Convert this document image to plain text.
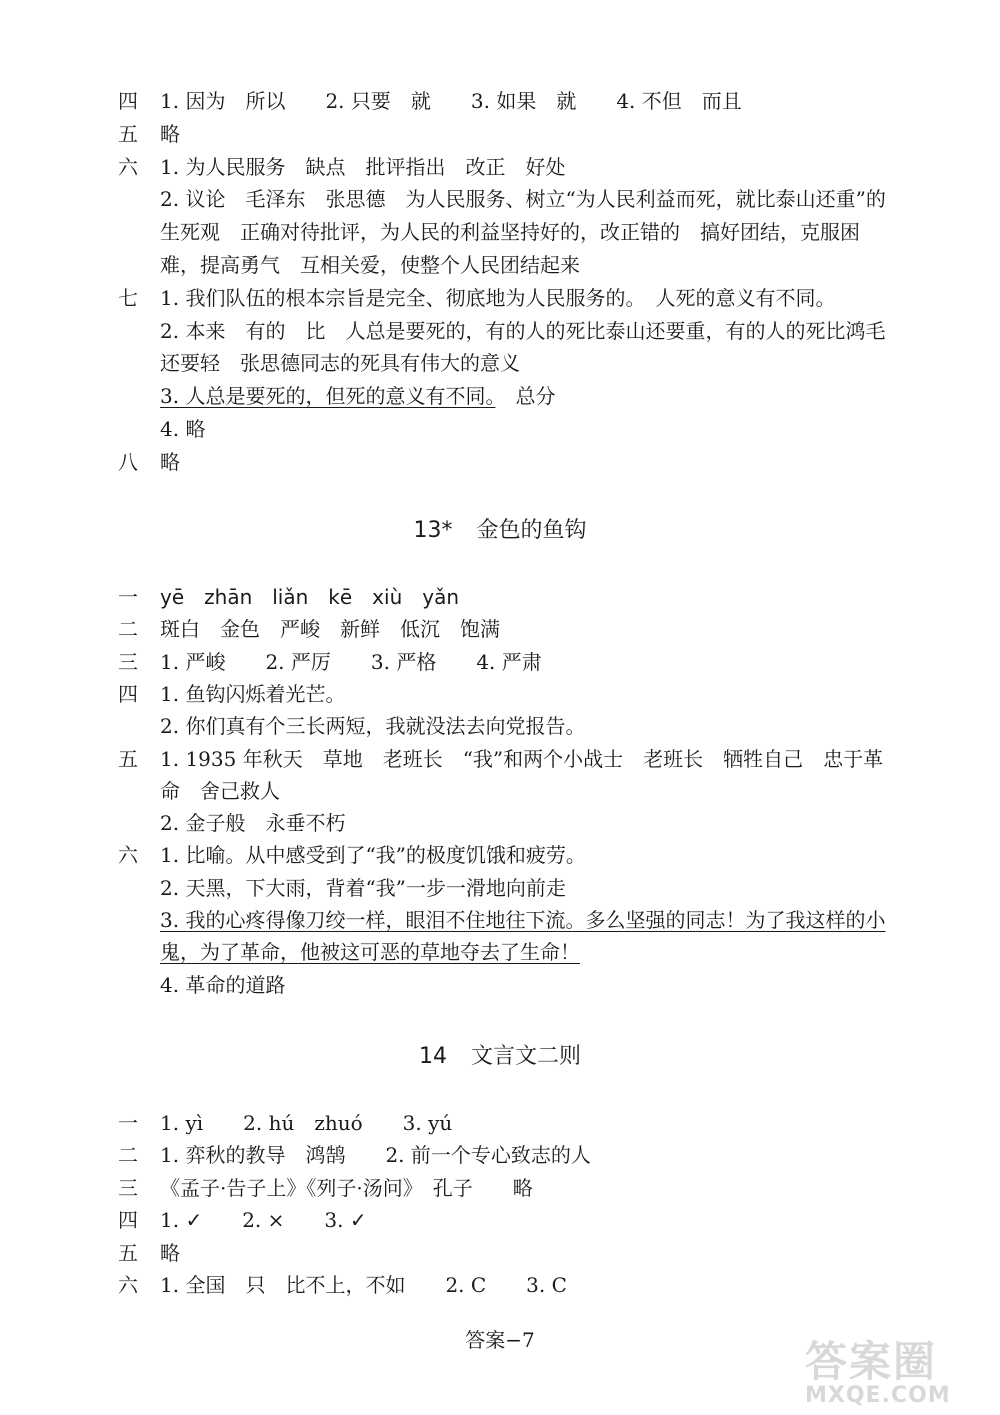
四 1. 因为　所以　　2. 只要　就　　3. 如果　就　　4. 不但　而且
五 略
六 1. 为人民服务　缺点　批评指出　改正　好处
2. 议论　毛泽东　张思德　为人民服务、树立“为人民利益而死，就比泰山还重”的
生死观　正确对待批评，为人民的利益坚持好的，改正错的　搞好团结，克服困
难，提高勇气　互相关爱，使整个人民团结起来
七 1. 我们队伍的根本宗旨是完全、彻底地为人民服务的。　人死的意义有不同。
2. 本来　有的　比　人总是要死的，有的人的死比泰山还要重，有的人的死比鸿毛
还要轻　张思德同志的死具有伟大的意义
3. 人总是要死的，但死的意义有不同。　总分
4. 略
八 略
13* 金色的鱼钩
一 yē　zhān　liǎn　kē　xiù　yǎn
二 斑白　金色　严峻　新鲜　低沉　饱满
三 1. 严峻　　2. 严厉　　3. 严格　　4. 严肃
四 1. 鱼钩闪烁着光芒。
2. 你们真有个三长两短，我就没法去向党报告。
五 1. 1935 年秋天　草地　老班长　“我”和两个小战士　老班长　牺牲自己　忠于革
命　舍己救人
2. 金子般　永垂不朽
六 1. 比喻。从中感受到了“我”的极度饥饿和疲劳。
2. 天黑，下大雨，背着“我”一步一滑地向前走
3. 我的心疼得像刀绞一样，眼泪不住地往下流。多么坚强的同志！为了我这样的小
鬼，为了革命，他被这可恶的草地夺去了生命！
4. 革命的道路
14 文言文二则
一 1. yì　　2. hú　zhuó　　3. yú
二 1. 弈秋的教导　鸿鹄　　2. 前一个专心致志的人
三 《孟子·告子上》《列子·汤问》　孔子　　略
四 1. ✓　　2. ×　　3. ✓
五 略
六 1. 全国　只　比不上，不如　　2. C　　3. C
答案−7	答案圈
MXQE.COM
